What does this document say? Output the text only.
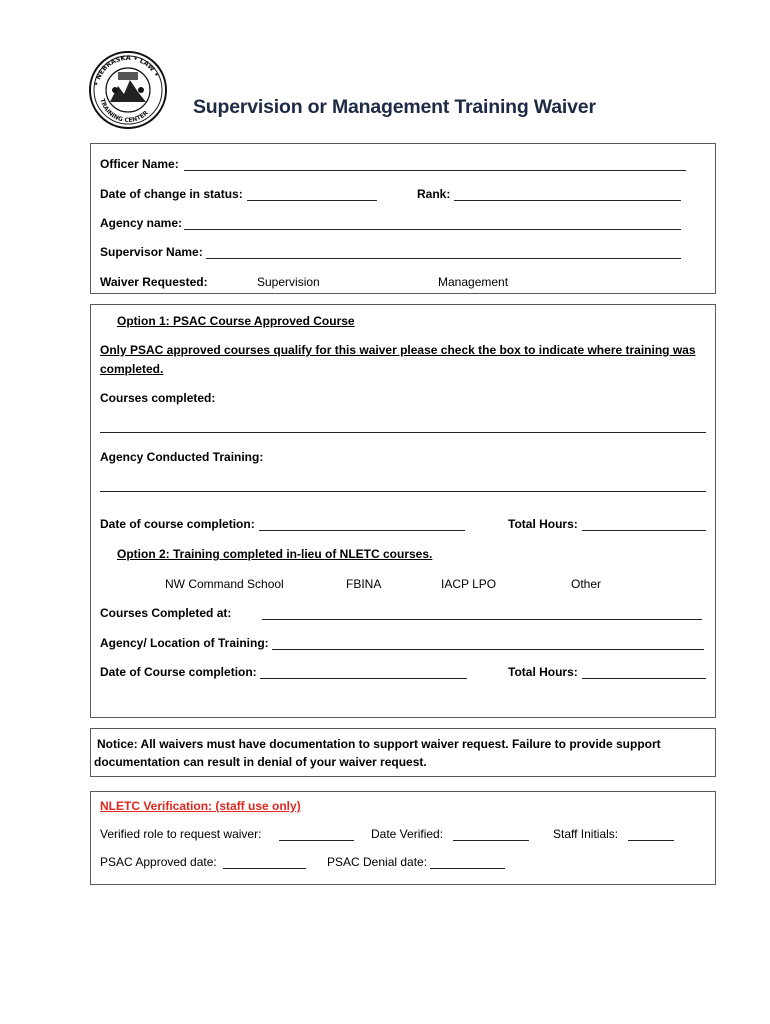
• NEBRASKA • LAW •
TRAINING CENTER Supervision or Management Training Waiver
Officer Name:
Date of change in status:	Rank:
Agency name:
Supervisor Name:
Waiver Requested:	Supervision	Management
Option 1: PSAC Course Approved Course
Only PSAC approved courses qualify for this waiver please check the box to indicate where training was
completed.
Courses completed:
Agency Conducted Training:
Date of course completion:	Total Hours:
Option 2: Training completed in-lieu of NLETC courses.
NW Command School	FBINA	IACP LPO	Other
Courses Completed at:
Agency/ Location of Training:
Date of Course completion:	Total Hours:
Notice: All waivers must have documentation to support waiver request. Failure to provide support
documentation can result in denial of your waiver request.
NLETC Verification: (staff use only)
Verified role to request waiver:	Date Verified:	Staff Initials:
PSAC Approved date:	PSAC Denial date:
